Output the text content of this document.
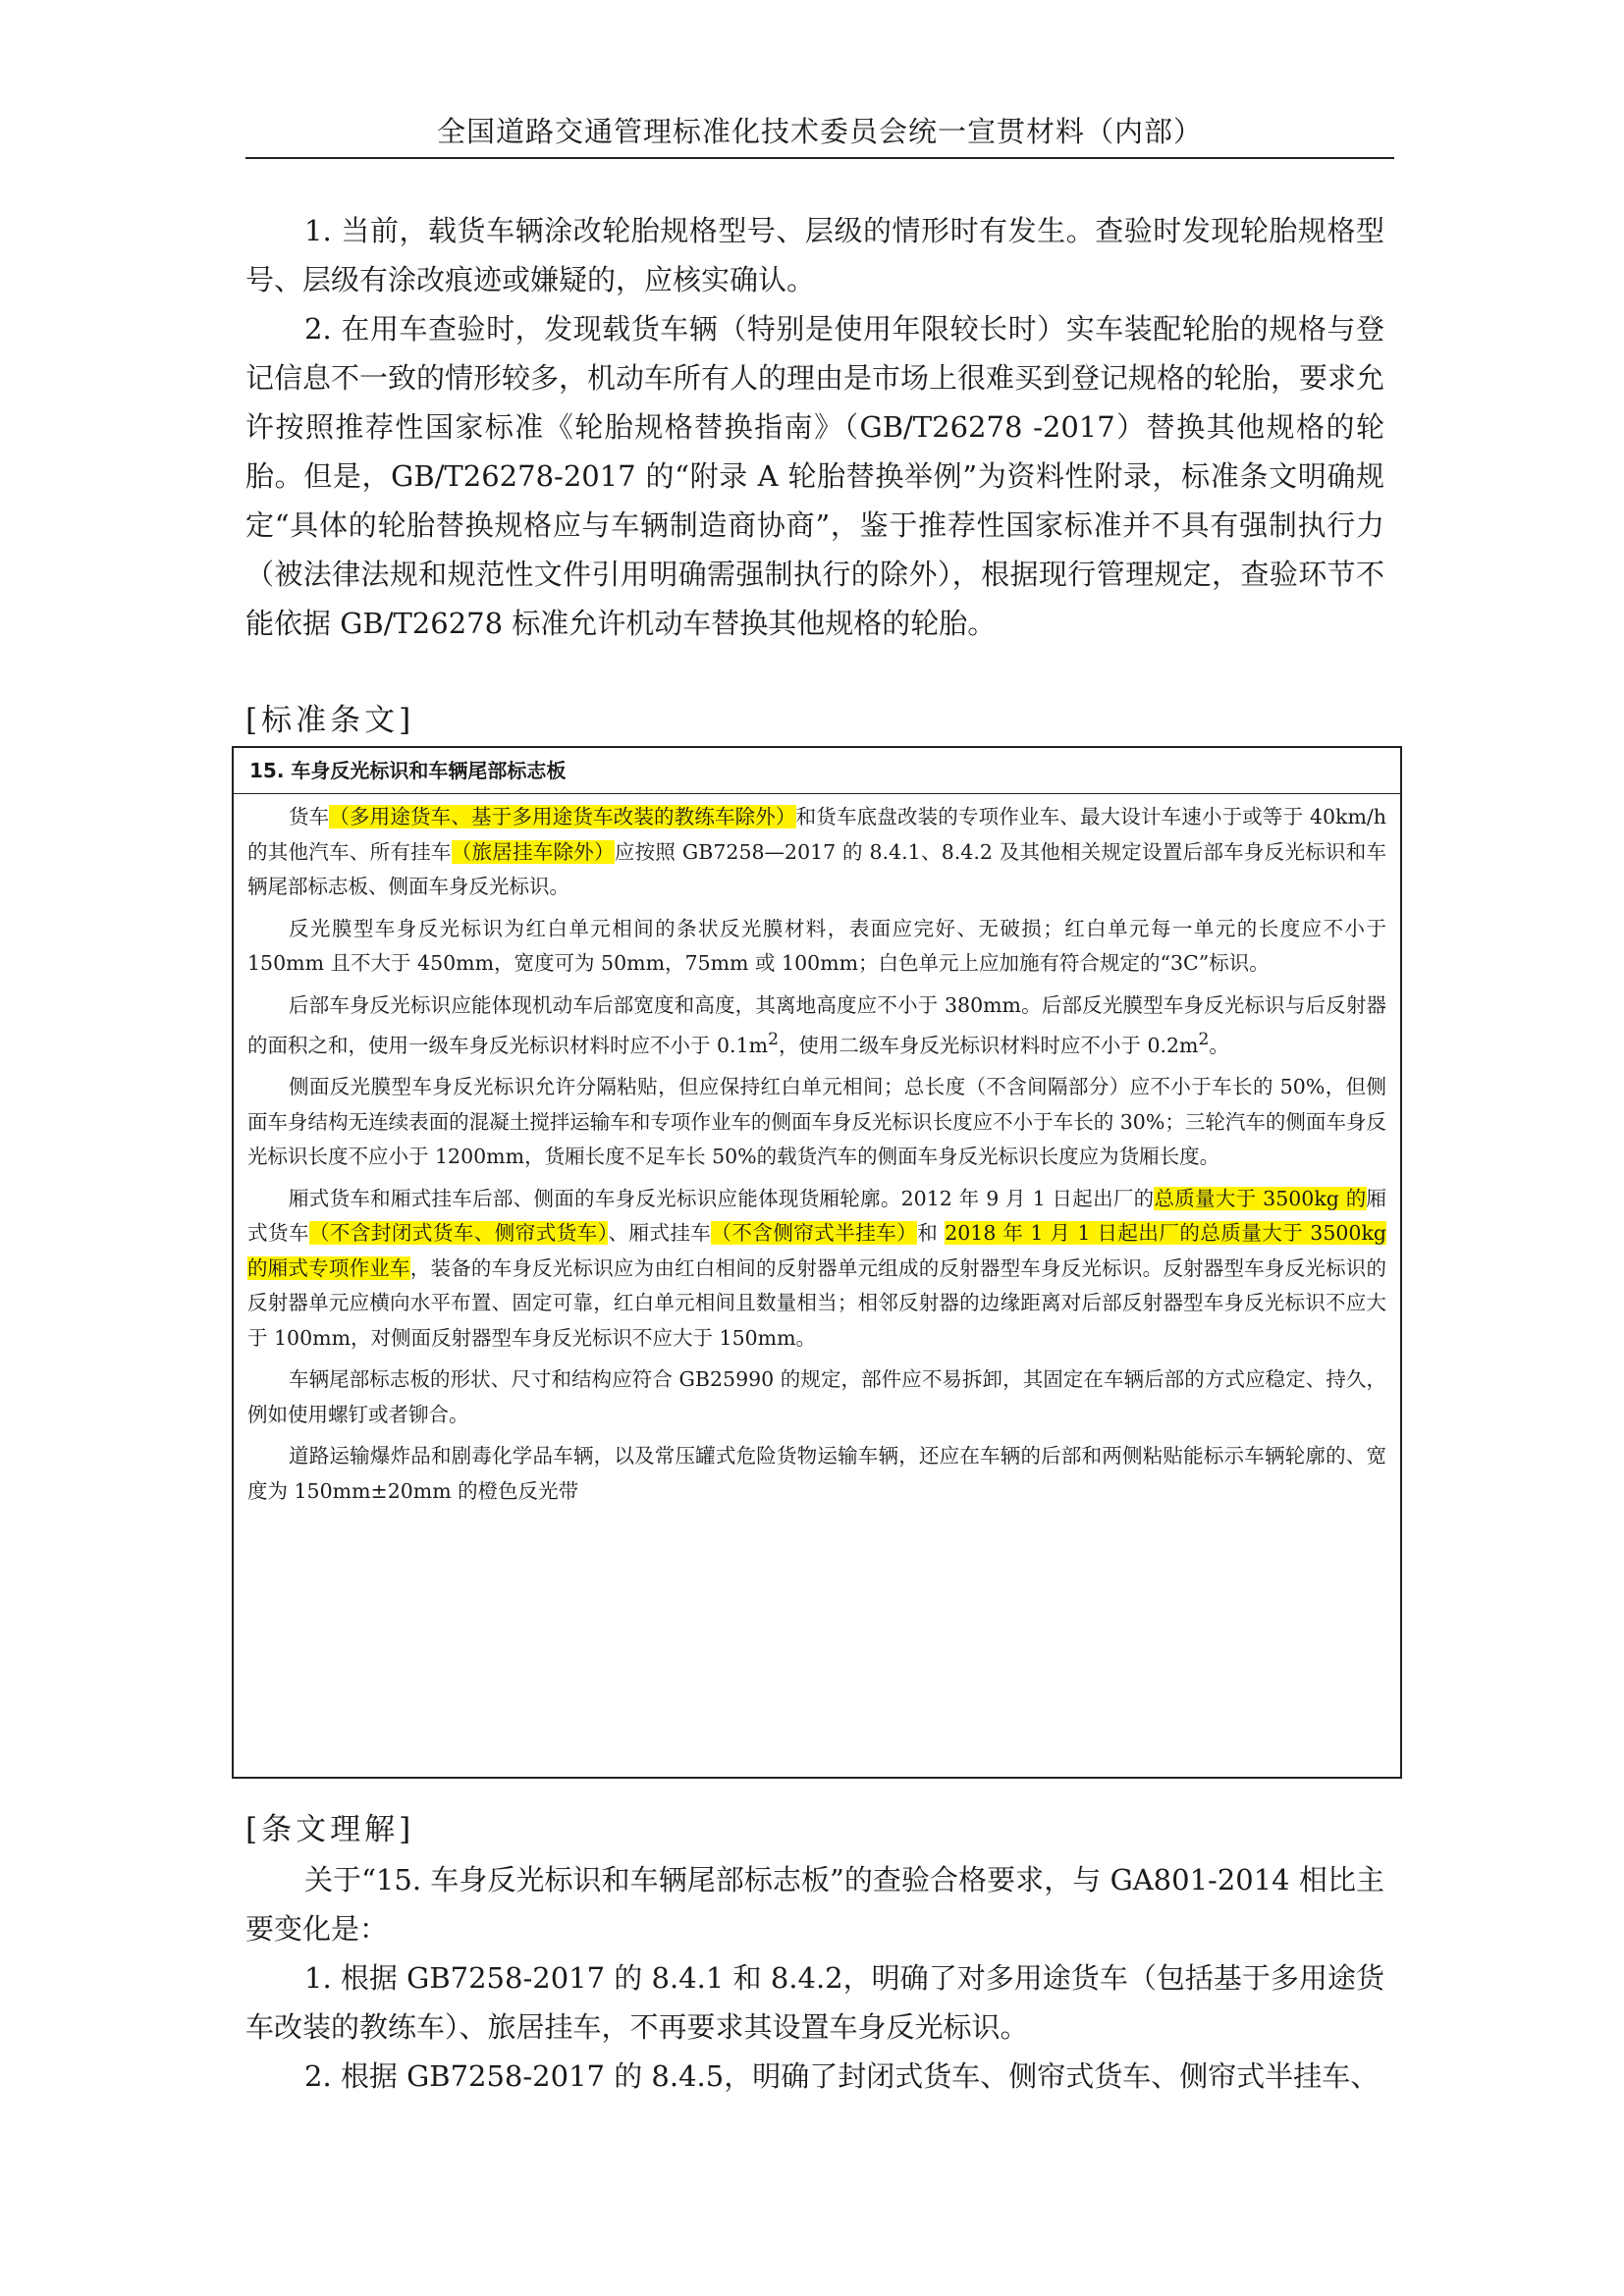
全国道路交通管理标准化技术委员会统一宣贯材料（内部）

1. 当前，载货车辆涂改轮胎规格型号、层级的情形时有发生。查验时发现轮胎规格型号、层级有涂改痕迹或嫌疑的，应核实确认。

2. 在用车查验时，发现载货车辆（特别是使用年限较长时）实车装配轮胎的规格与登记信息不一致的情形较多，机动车所有人的理由是市场上很难买到登记规格的轮胎，要求允许按照推荐性国家标准《轮胎规格替换指南》（GB/T26278 -2017）替换其他规格的轮胎。但是，GB/T26278-2017 的“附录 A 轮胎替换举例”为资料性附录，标准条文明确规定“具体的轮胎替换规格应与车辆制造商协商”，鉴于推荐性国家标准并不具有强制执行力（被法律法规和规范性文件引用明确需强制执行的除外），根据现行管理规定，查验环节不能依据 GB/T26278 标准允许机动车替换其他规格的轮胎。

[标准条文]
15. 车身反光标识和车辆尾部标志板

货车（多用途货车、基于多用途货车改装的教练车除外）和货车底盘改装的专项作业车、最大设计车速小于或等于 40km/h 的其他汽车、所有挂车（旅居挂车除外）应按照 GB7258—2017 的 8.4.1、8.4.2 及其他相关规定设置后部车身反光标识和车辆尾部标志板、侧面车身反光标识。

反光膜型车身反光标识为红白单元相间的条状反光膜材料，表面应完好、无破损；红白单元每一单元的长度应不小于 150mm 且不大于 450mm，宽度可为 50mm，75mm 或 100mm；白色单元上应加施有符合规定的“3C”标识。

后部车身反光标识应能体现机动车后部宽度和高度，其离地高度应不小于 380mm。后部反光膜型车身反光标识与后反射器的面积之和，使用一级车身反光标识材料时应不小于 $0.1m^2$，使用二级车身反光标识材料时应不小于 $0.2m^2$。

侧面反光膜型车身反光标识允许分隔粘贴，但应保持红白单元相间；总长度（不含间隔部分）应不小于车长的 50%，但侧面车身结构无连续表面的混凝土搅拌运输车和专项作业车的侧面车身反光标识长度应不小于车长的 30%；三轮汽车的侧面车身反光标识长度不应小于 1200mm，货厢长度不足车长 50%的载货汽车的侧面车身反光标识长度应为货厢长度。

厢式货车和厢式挂车后部、侧面的车身反光标识应能体现货厢轮廓。2012 年 9 月 1 日起出厂的总质量大于 3500kg 的厢式货车（不含封闭式货车、侧帘式货车）、厢式挂车（不含侧帘式半挂车）和 2018 年 1 月 1 日起出厂的总质量大于 3500kg 的厢式专项作业车，装备的车身反光标识应为由红白相间的反射器单元组成的反射器型车身反光标识。反射器型车身反光标识的反射器单元应横向水平布置、固定可靠，红白单元相间且数量相当；相邻反射器的边缘距离对后部反射器型车身反光标识不应大于 100mm，对侧面反射器型车身反光标识不应大于 150mm。

车辆尾部标志板的形状、尺寸和结构应符合 GB25990 的规定，部件应不易拆卸，其固定在车辆后部的方式应稳定、持久，例如使用螺钉或者铆合。

道路运输爆炸品和剧毒化学品车辆，以及常压罐式危险货物运输车辆，还应在车辆的后部和两侧粘贴能标示车辆轮廓的、宽度为 150mm±20mm 的橙色反光带

[条文理解]

关于“15. 车身反光标识和车辆尾部标志板”的查验合格要求，与 GA801-2014 相比主要变化是：

1. 根据 GB7258-2017 的 8.4.1 和 8.4.2，明确了对多用途货车（包括基于多用途货车改装的教练车）、旅居挂车，不再要求其设置车身反光标识。

2. 根据 GB7258-2017 的 8.4.5，明确了封闭式货车、侧帘式货车、侧帘式半挂车、
